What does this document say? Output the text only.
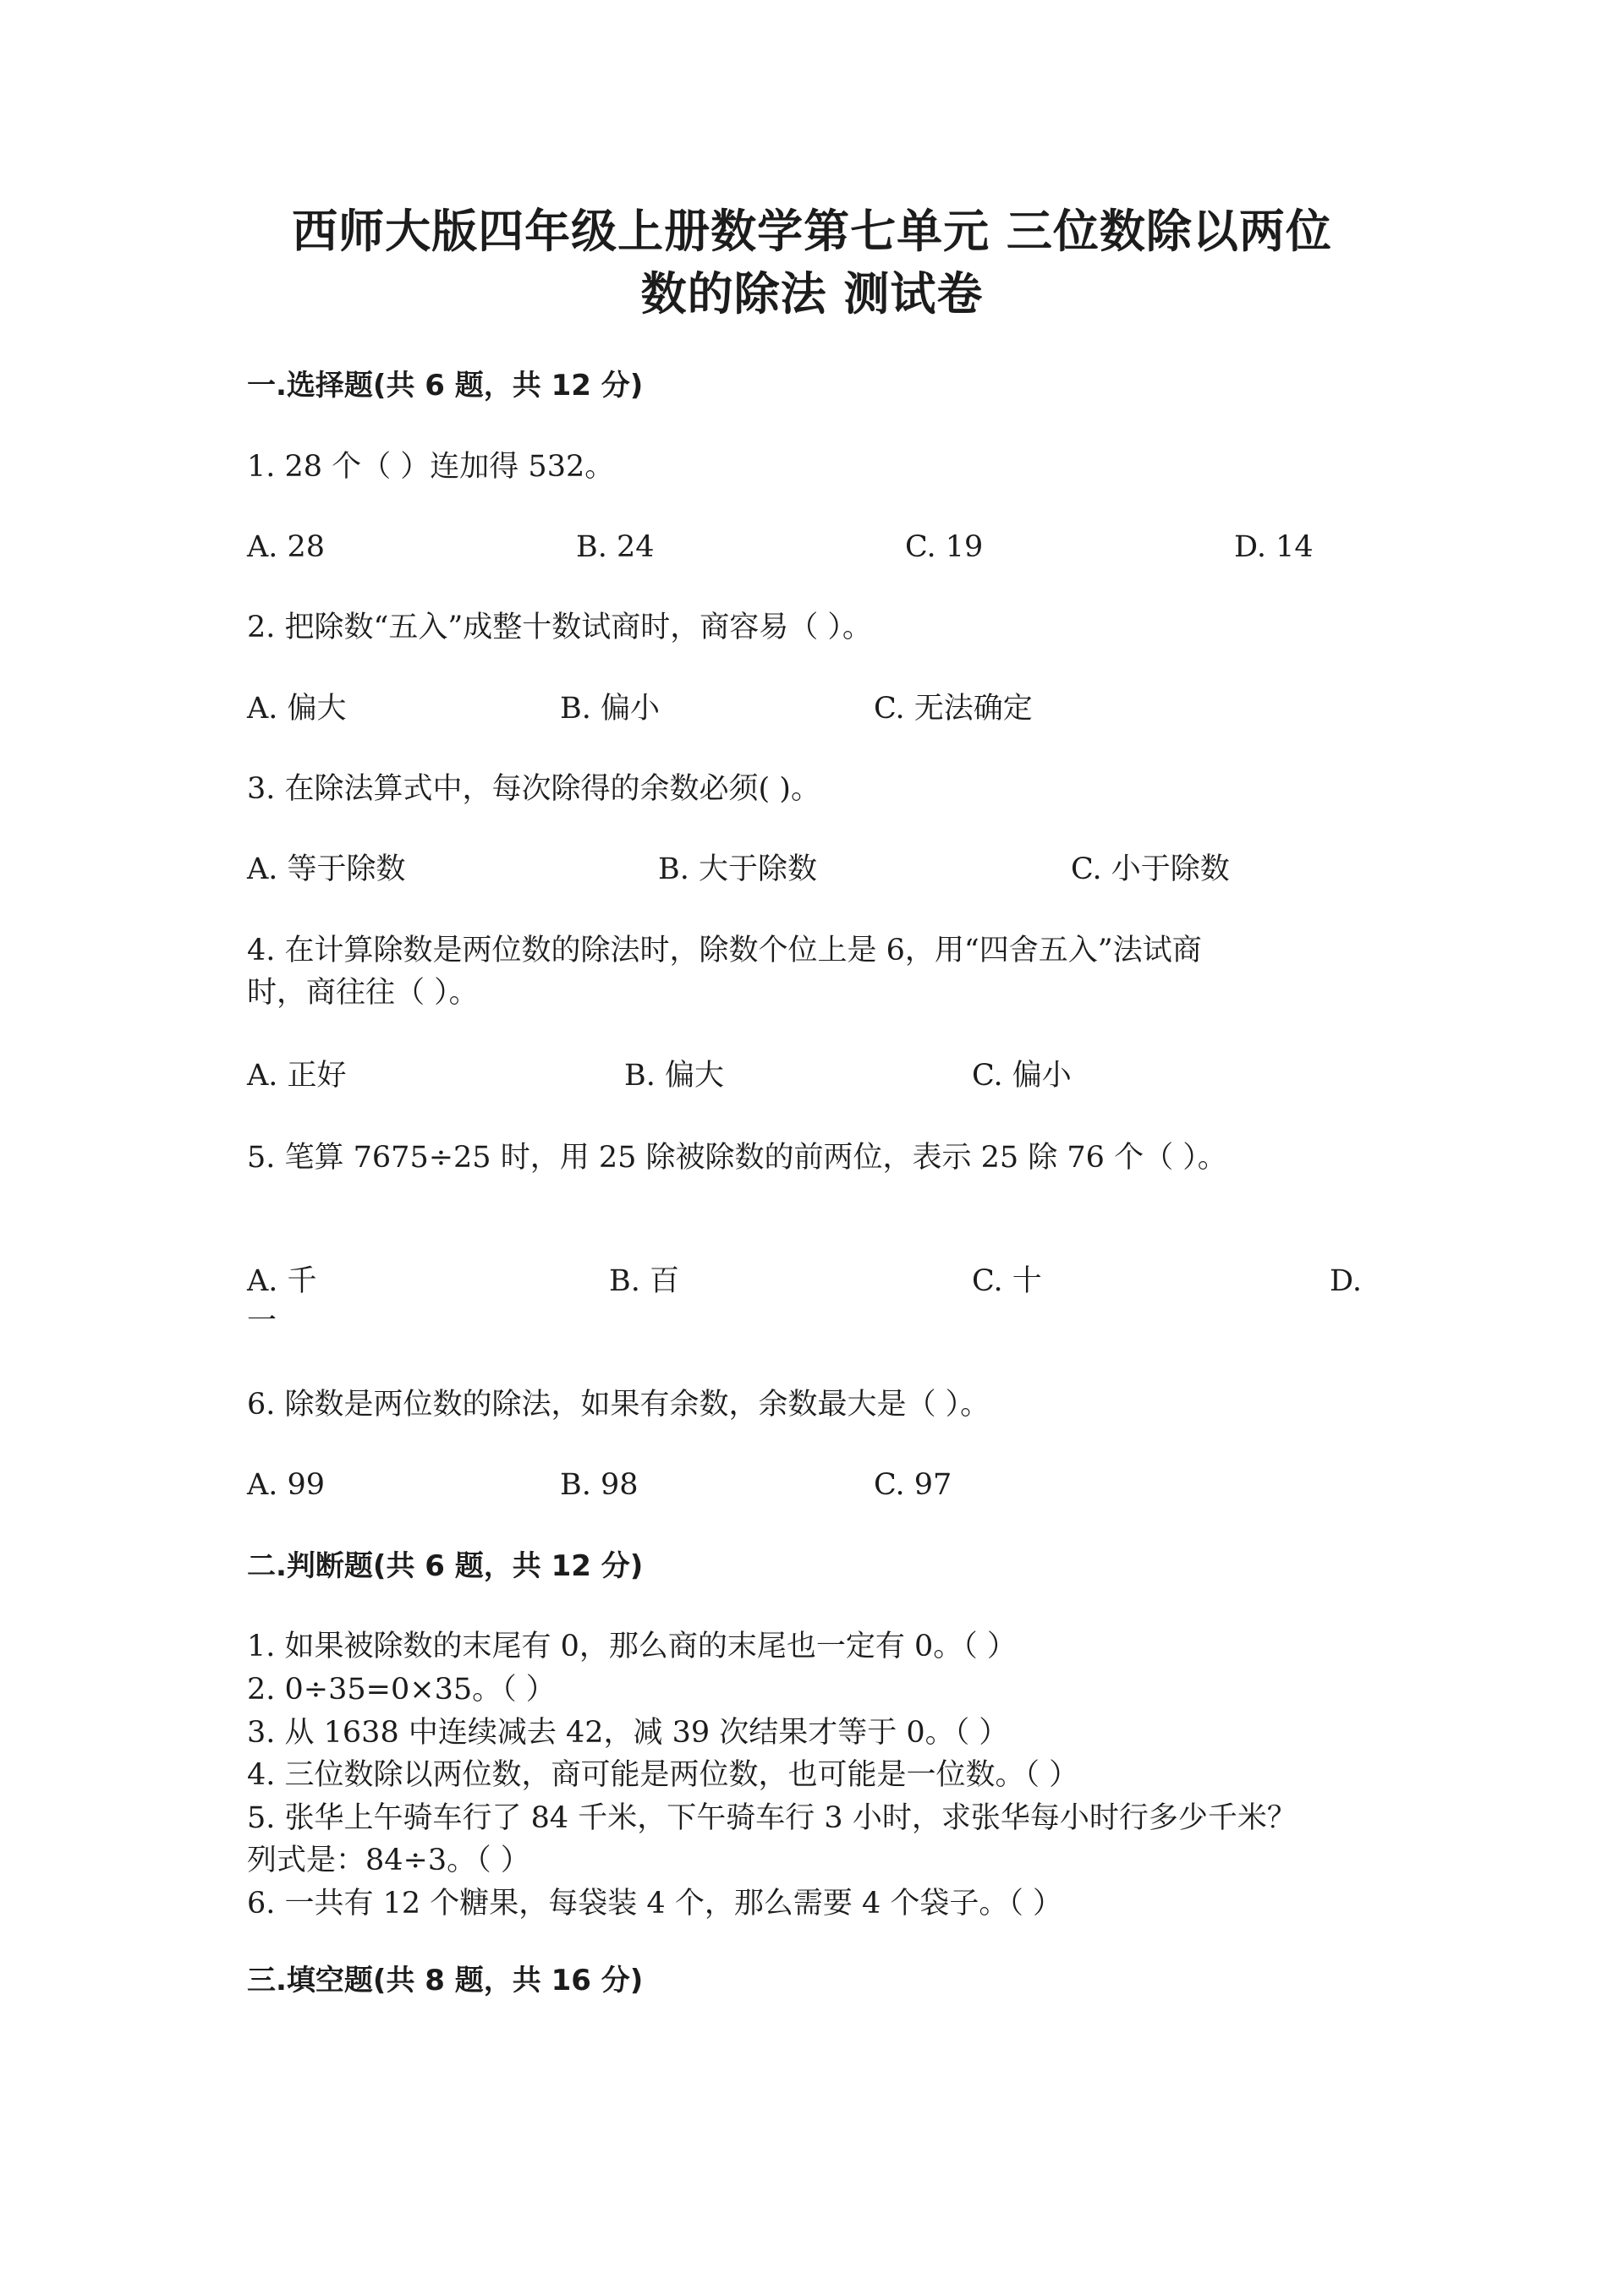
西师大版四年级上册数学第七单元 三位数除以两位
数的除法 测试卷
一.选择题(共 6 题，共 12 分)
1. 28 个（ ）连加得 532。
A. 28	B. 24	C. 19	D. 14
2. 把除数“五入”成整十数试商时，商容易（ ）。
A. 偏大	B. 偏小	C. 无法确定
3. 在除法算式中，每次除得的余数必须( )。
A. 等于除数	B. 大于除数	C. 小于除数
4. 在计算除数是两位数的除法时，除数个位上是 6，用“四舍五入”法试商
时，商往往（ ）。
A. 正好	B. 偏大	C. 偏小
5. 笔算 7675÷25 时，用 25 除被除数的前两位，表示 25 除 76 个（ ）。
A. 千	B. 百	C. 十	D.
一
6. 除数是两位数的除法，如果有余数，余数最大是（ ）。
A. 99	B. 98	C. 97
二.判断题(共 6 题，共 12 分)
1. 如果被除数的末尾有 0，那么商的末尾也一定有 0。（ ）
2. 0÷35=0×35。（ ）
3. 从 1638 中连续减去 42，减 39 次结果才等于 0。（ ）
4. 三位数除以两位数，商可能是两位数，也可能是一位数。（ ）
5. 张华上午骑车行了 84 千米，下午骑车行 3 小时，求张华每小时行多少千米？
列式是：84÷3。（ ）
6. 一共有 12 个糖果，每袋装 4 个，那么需要 4 个袋子。（ ）
三.填空题(共 8 题，共 16 分)
